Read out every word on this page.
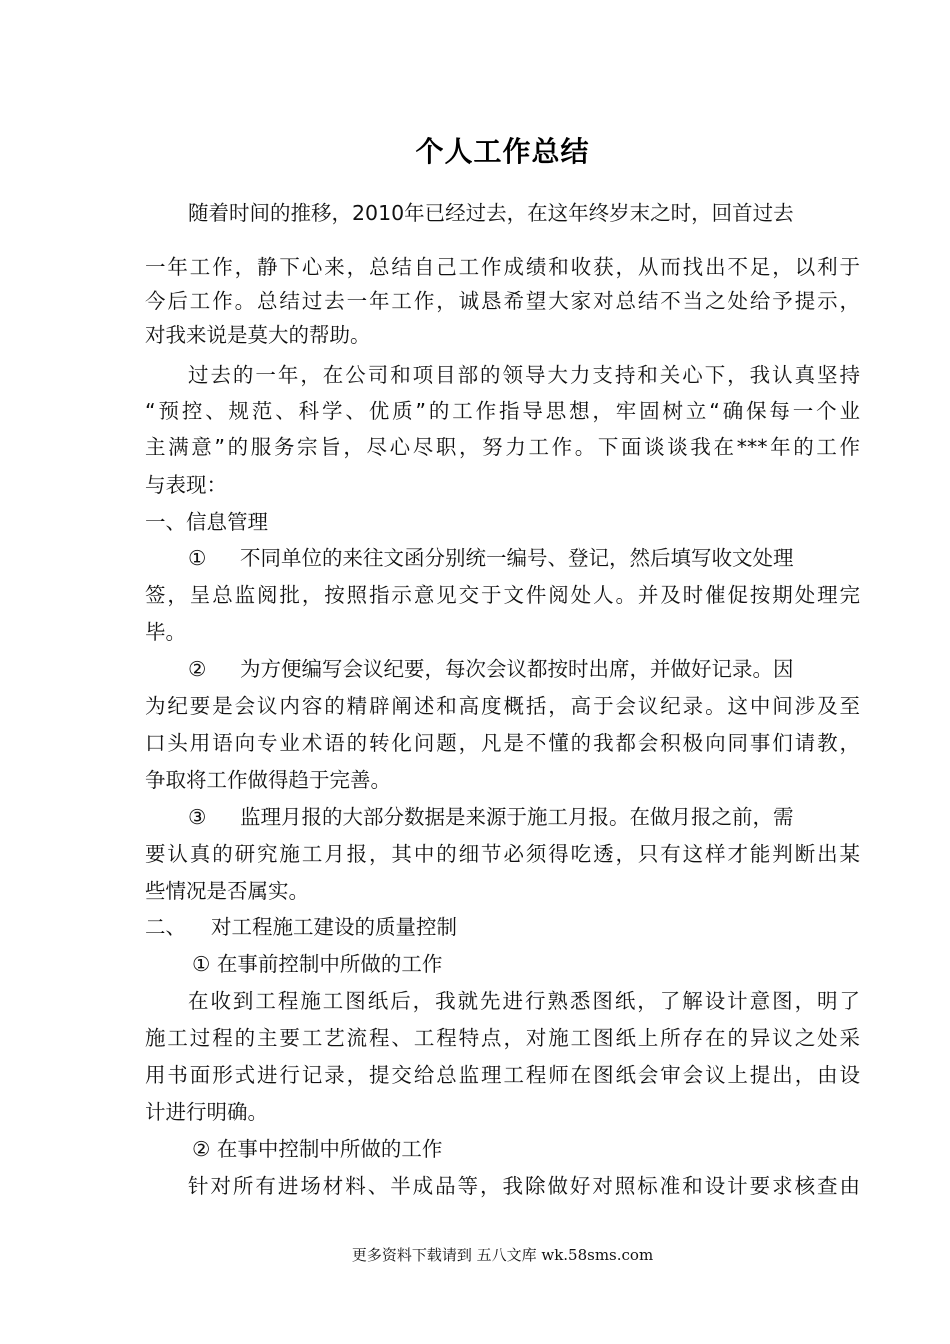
个人工作总结
随着时间的推移，2010年已经过去，在这年终岁末之时，回首过去
一年工作，静下心来，总结自己工作成绩和收获，从而找出不足，以利于
今后工作。总结过去一年工作，诚恳希望大家对总结不当之处给予提示，
对我来说是莫大的帮助。
过去的一年，在公司和项目部的领导大力支持和关心下，我认真坚持
“预控、规范、科学、优质”的工作指导思想，牢固树立“确保每一个业
主满意”的服务宗旨，尽心尽职，努力工作。下面谈谈我在***年的工作
与表现：
一、信息管理
① 不同单位的来往文函分别统一编号、登记，然后填写收文处理
签，呈总监阅批，按照指示意见交于文件阅处人。并及时催促按期处理完
毕。
② 为方便编写会议纪要，每次会议都按时出席，并做好记录。因
为纪要是会议内容的精辟阐述和高度概括，高于会议纪录。这中间涉及至
口头用语向专业术语的转化问题，凡是不懂的我都会积极向同事们请教，
争取将工作做得趋于完善。
③ 监理月报的大部分数据是来源于施工月报。在做月报之前，需
要认真的研究施工月报，其中的细节必须得吃透，只有这样才能判断出某
些情况是否属实。
二、 对工程施工建设的质量控制
① 在事前控制中所做的工作
在收到工程施工图纸后，我就先进行熟悉图纸，了解设计意图，明了
施工过程的主要工艺流程、工程特点，对施工图纸上所存在的异议之处采
用书面形式进行记录，提交给总监理工程师在图纸会审会议上提出，由设
计进行明确。
② 在事中控制中所做的工作
针对所有进场材料、半成品等，我除做好对照标准和设计要求核查由
更多资料下载请到 五八文库 wk.58sms.com
